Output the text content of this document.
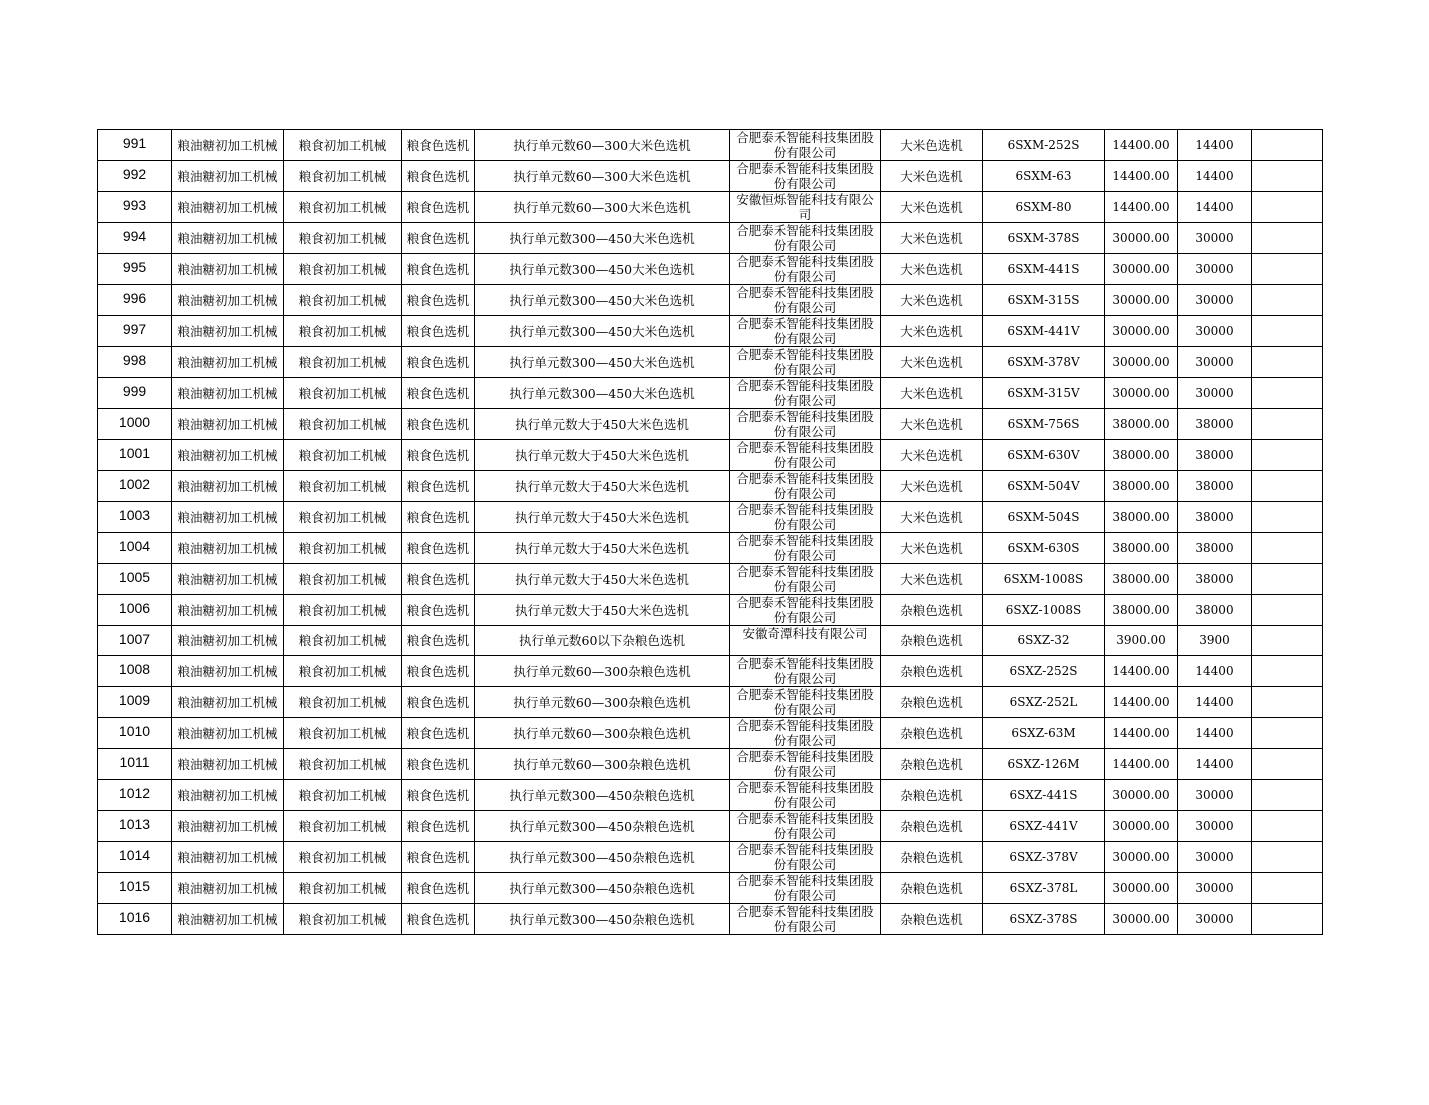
991	粮油糖初加工机械	粮食初加工机械	粮食色选机	执行单元数60—300大米色选机	合肥泰禾智能科技集团股份有限公司	大米色选机	6SXM-252S	14400.00	14400	
992	粮油糖初加工机械	粮食初加工机械	粮食色选机	执行单元数60—300大米色选机	合肥泰禾智能科技集团股份有限公司	大米色选机	6SXM-63	14400.00	14400	
993	粮油糖初加工机械	粮食初加工机械	粮食色选机	执行单元数60—300大米色选机	安徽恒烁智能科技有限公司	大米色选机	6SXM-80	14400.00	14400	
994	粮油糖初加工机械	粮食初加工机械	粮食色选机	执行单元数300—450大米色选机	合肥泰禾智能科技集团股份有限公司	大米色选机	6SXM-378S	30000.00	30000	
995	粮油糖初加工机械	粮食初加工机械	粮食色选机	执行单元数300—450大米色选机	合肥泰禾智能科技集团股份有限公司	大米色选机	6SXM-441S	30000.00	30000	
996	粮油糖初加工机械	粮食初加工机械	粮食色选机	执行单元数300—450大米色选机	合肥泰禾智能科技集团股份有限公司	大米色选机	6SXM-315S	30000.00	30000	
997	粮油糖初加工机械	粮食初加工机械	粮食色选机	执行单元数300—450大米色选机	合肥泰禾智能科技集团股份有限公司	大米色选机	6SXM-441V	30000.00	30000	
998	粮油糖初加工机械	粮食初加工机械	粮食色选机	执行单元数300—450大米色选机	合肥泰禾智能科技集团股份有限公司	大米色选机	6SXM-378V	30000.00	30000	
999	粮油糖初加工机械	粮食初加工机械	粮食色选机	执行单元数300—450大米色选机	合肥泰禾智能科技集团股份有限公司	大米色选机	6SXM-315V	30000.00	30000	
1000	粮油糖初加工机械	粮食初加工机械	粮食色选机	执行单元数大于450大米色选机	合肥泰禾智能科技集团股份有限公司	大米色选机	6SXM-756S	38000.00	38000	
1001	粮油糖初加工机械	粮食初加工机械	粮食色选机	执行单元数大于450大米色选机	合肥泰禾智能科技集团股份有限公司	大米色选机	6SXM-630V	38000.00	38000	
1002	粮油糖初加工机械	粮食初加工机械	粮食色选机	执行单元数大于450大米色选机	合肥泰禾智能科技集团股份有限公司	大米色选机	6SXM-504V	38000.00	38000	
1003	粮油糖初加工机械	粮食初加工机械	粮食色选机	执行单元数大于450大米色选机	合肥泰禾智能科技集团股份有限公司	大米色选机	6SXM-504S	38000.00	38000	
1004	粮油糖初加工机械	粮食初加工机械	粮食色选机	执行单元数大于450大米色选机	合肥泰禾智能科技集团股份有限公司	大米色选机	6SXM-630S	38000.00	38000	
1005	粮油糖初加工机械	粮食初加工机械	粮食色选机	执行单元数大于450大米色选机	合肥泰禾智能科技集团股份有限公司	大米色选机	6SXM-1008S	38000.00	38000	
1006	粮油糖初加工机械	粮食初加工机械	粮食色选机	执行单元数大于450大米色选机	合肥泰禾智能科技集团股份有限公司	杂粮色选机	6SXZ-1008S	38000.00	38000	
1007	粮油糖初加工机械	粮食初加工机械	粮食色选机	执行单元数60以下杂粮色选机	安徽奇潭科技有限公司	杂粮色选机	6SXZ-32	3900.00	3900	
1008	粮油糖初加工机械	粮食初加工机械	粮食色选机	执行单元数60—300杂粮色选机	合肥泰禾智能科技集团股份有限公司	杂粮色选机	6SXZ-252S	14400.00	14400	
1009	粮油糖初加工机械	粮食初加工机械	粮食色选机	执行单元数60—300杂粮色选机	合肥泰禾智能科技集团股份有限公司	杂粮色选机	6SXZ-252L	14400.00	14400	
1010	粮油糖初加工机械	粮食初加工机械	粮食色选机	执行单元数60—300杂粮色选机	合肥泰禾智能科技集团股份有限公司	杂粮色选机	6SXZ-63M	14400.00	14400	
1011	粮油糖初加工机械	粮食初加工机械	粮食色选机	执行单元数60—300杂粮色选机	合肥泰禾智能科技集团股份有限公司	杂粮色选机	6SXZ-126M	14400.00	14400	
1012	粮油糖初加工机械	粮食初加工机械	粮食色选机	执行单元数300—450杂粮色选机	合肥泰禾智能科技集团股份有限公司	杂粮色选机	6SXZ-441S	30000.00	30000	
1013	粮油糖初加工机械	粮食初加工机械	粮食色选机	执行单元数300—450杂粮色选机	合肥泰禾智能科技集团股份有限公司	杂粮色选机	6SXZ-441V	30000.00	30000	
1014	粮油糖初加工机械	粮食初加工机械	粮食色选机	执行单元数300—450杂粮色选机	合肥泰禾智能科技集团股份有限公司	杂粮色选机	6SXZ-378V	30000.00	30000	
1015	粮油糖初加工机械	粮食初加工机械	粮食色选机	执行单元数300—450杂粮色选机	合肥泰禾智能科技集团股份有限公司	杂粮色选机	6SXZ-378L	30000.00	30000	
1016	粮油糖初加工机械	粮食初加工机械	粮食色选机	执行单元数300—450杂粮色选机	合肥泰禾智能科技集团股份有限公司	杂粮色选机	6SXZ-378S	30000.00	30000	
